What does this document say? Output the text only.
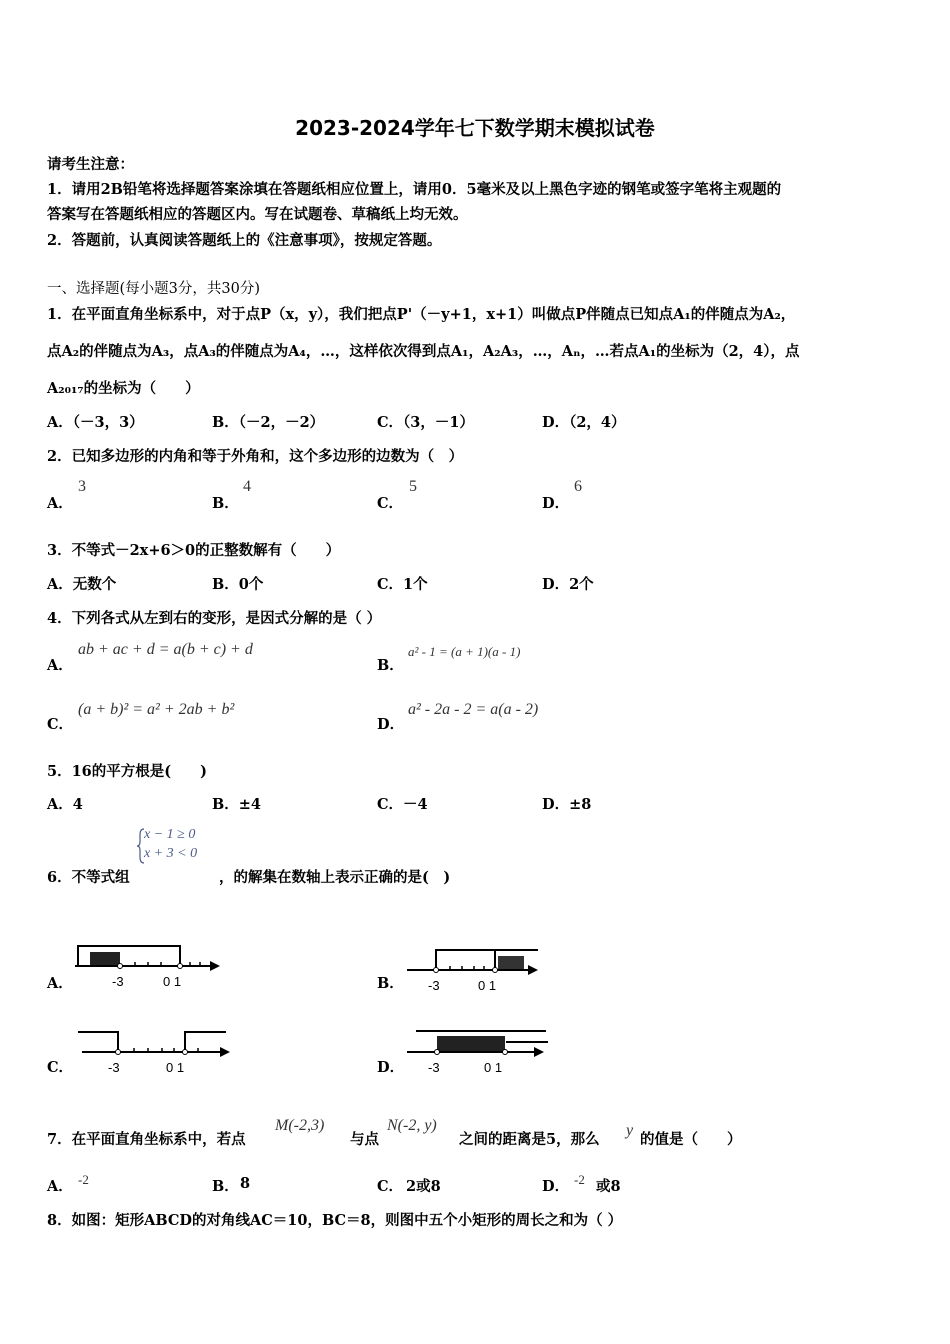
2023-2024学年七下数学期末模拟试卷
请考生注意：
1．请用2B铅笔将选择题答案涂填在答题纸相应位置上，请用0．5毫米及以上黑色字迹的钢笔或签字笔将主观题的
答案写在答题纸相应的答题区内。写在试题卷、草稿纸上均无效。
2．答题前，认真阅读答题纸上的《注意事项》，按规定答题。
一、选择题(每小题3分，共30分)
1．在平面直角坐标系中，对于点P（x，y），我们把点P'（－y+1，x+1）叫做点P伴随点已知点A₁的伴随点为A₂，
点A₂的伴随点为A₃，点A₃的伴随点为A₄，…，这样依次得到点A₁，A₂A₃，…，Aₙ，…若点A₁的坐标为（2，4），点
A₂₀₁₇的坐标为（　　）
A．（－3，3）	B．（－2，－2）	C．（3，－1）	D．（2，4）
2．已知多边形的内角和等于外角和，这个多边形的边数为（　）
A．
3
B．
4
C．
5
D．
6
3．不等式－2x+6＞0的正整数解有（　　）
A．无数个	B．0个	C．1个	D．2个
4．下列各式从左到右的变形，是因式分解的是（ ）
A．
ab + ac + d = a(b + c) + d
B．
a² - 1 = (a + 1)(a - 1)
C．
(a + b)² = a² + 2ab + b²
D．
a² - 2a - 2 = a(a - 2)
5．16的平方根是(　　)
A．4	B．±4	C．－4	D．±8
x − 1 ≥ 0
x + 3 < 0
6．不等式组	，的解集在数轴上表示正确的是(　)
A．	-3	0 1	B． -3	0 1
C．	-3	0 1	D． -3	0 1
7．在平面直角坐标系中，若点
M(-2,3)
与点
N(-2, y)
之间的距离是5，那么
y
的值是（　　）
A． -2	B． 8	C． 2或8	D． -2 或8
8．如图：矩形ABCD的对角线AC＝10，BC＝8，则图中五个小矩形的周长之和为（ ）
